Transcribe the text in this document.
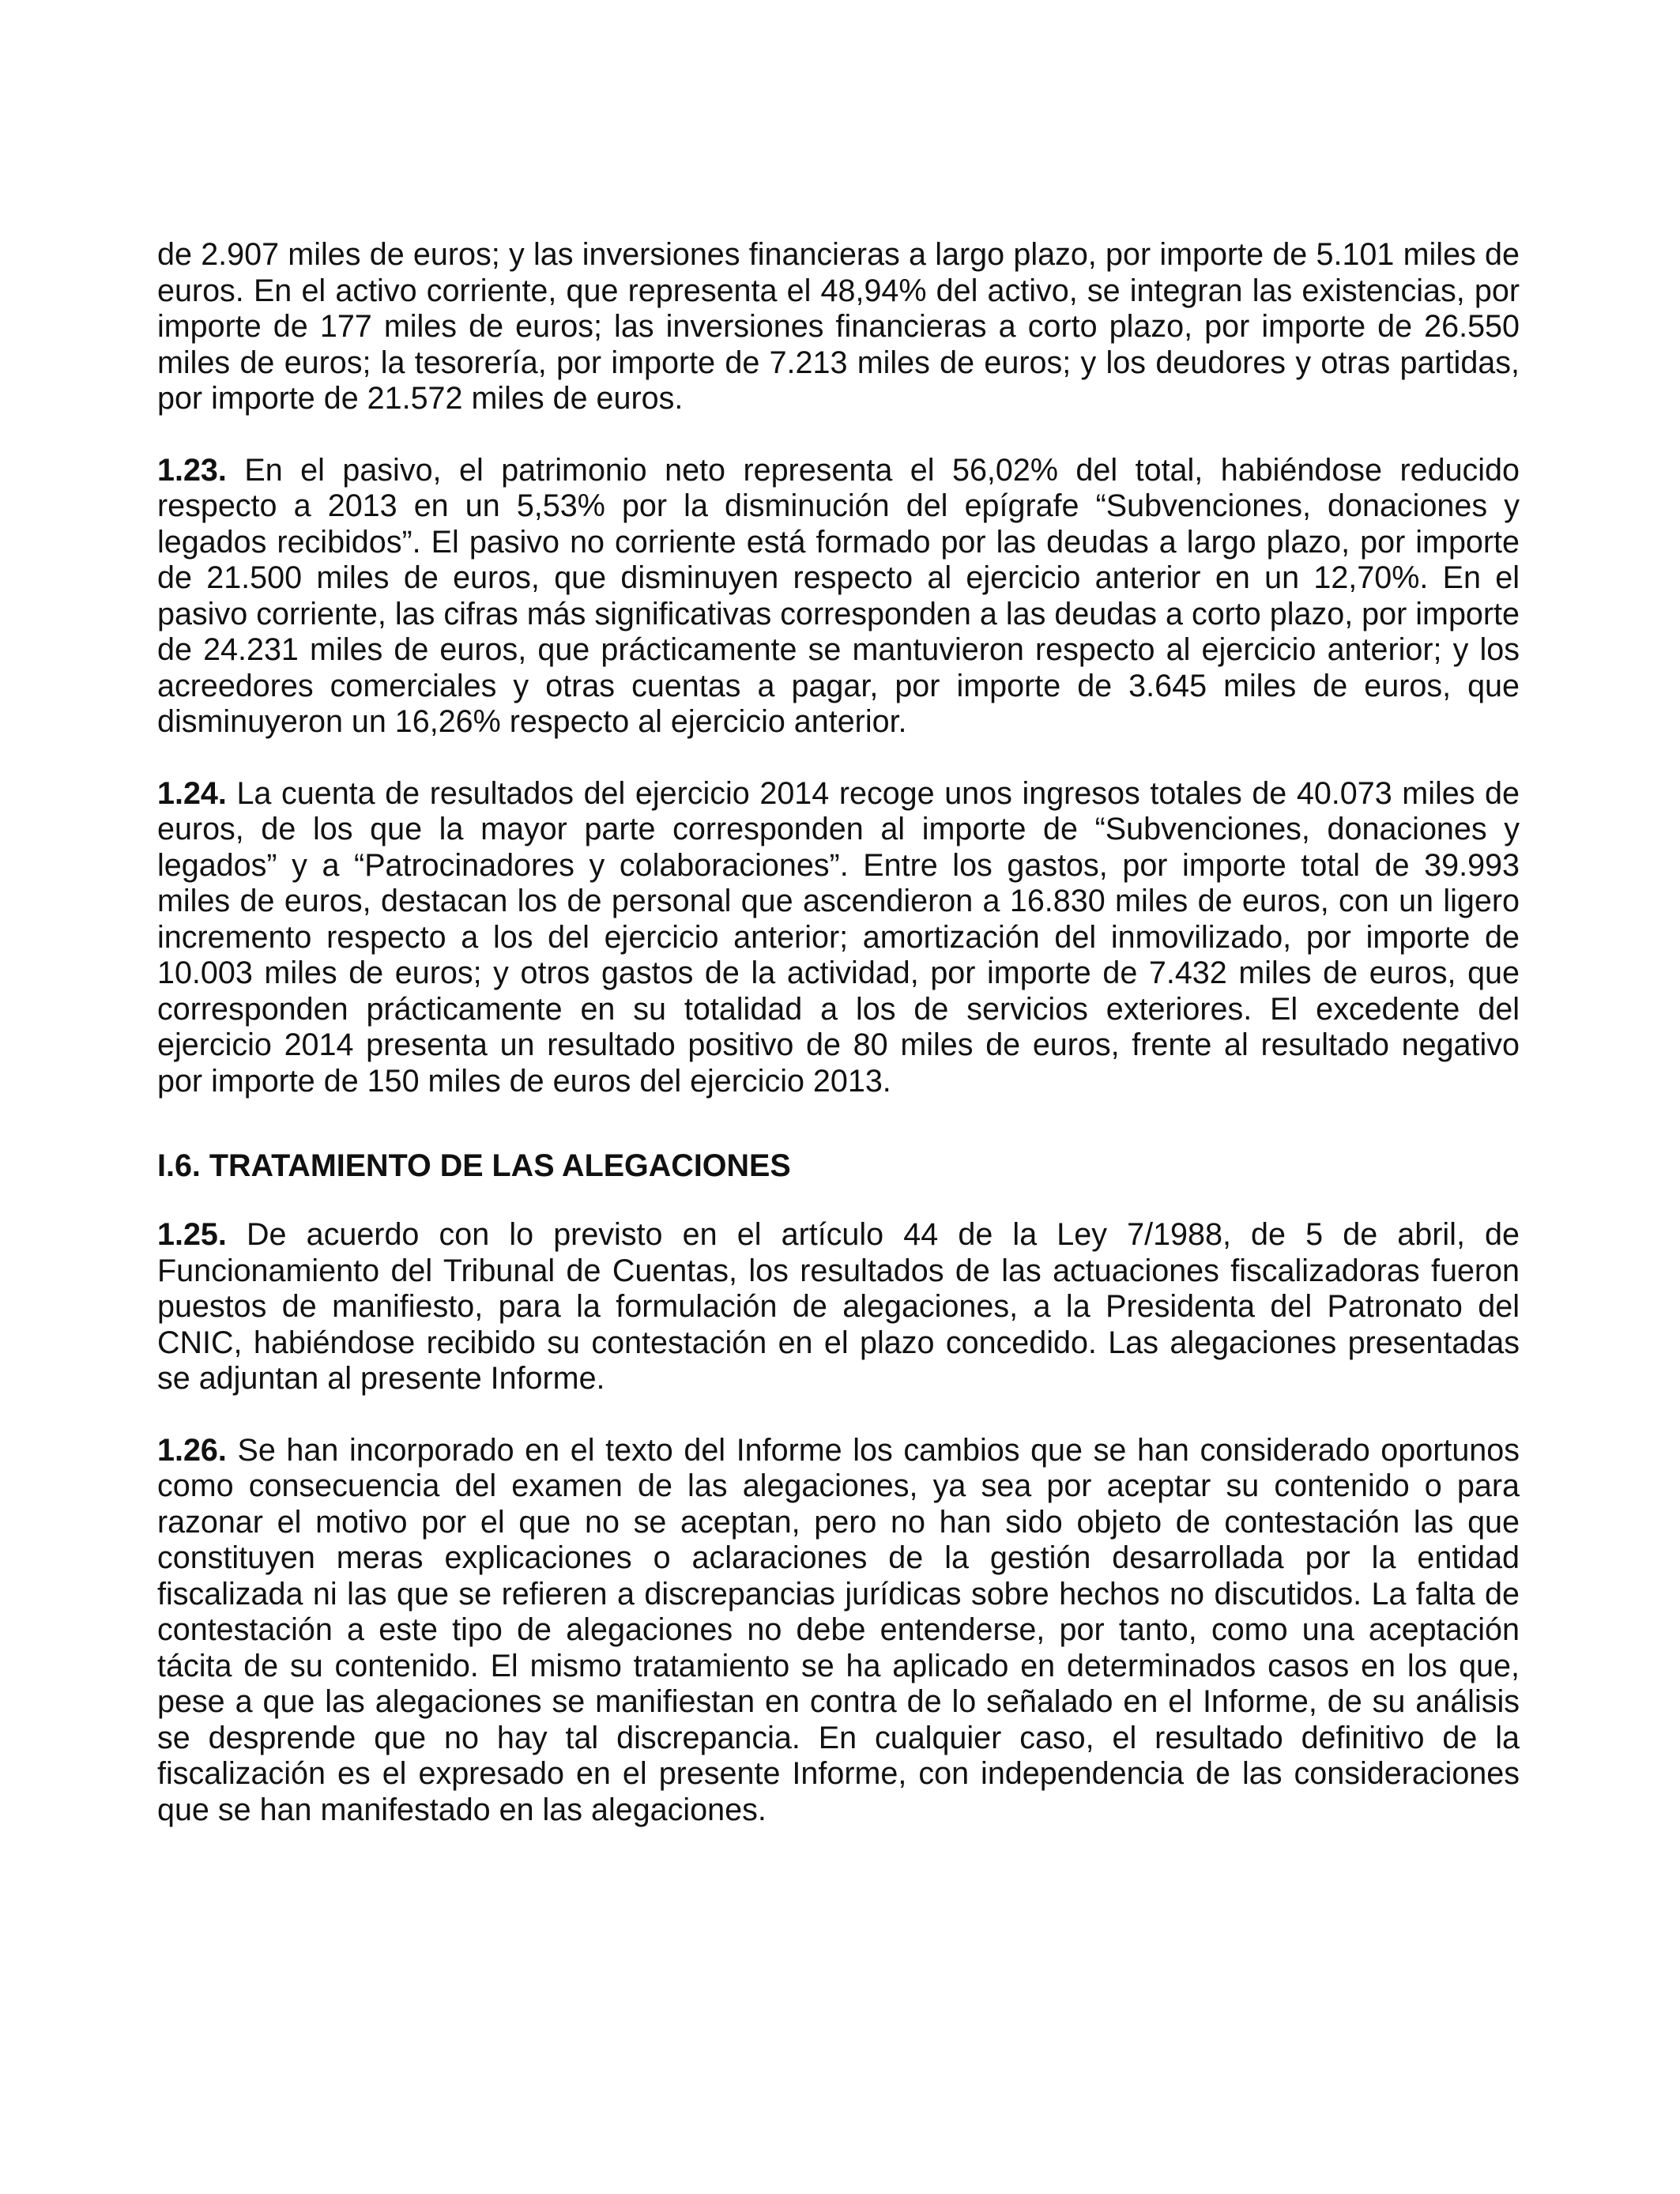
de 2.907 miles de euros; y las inversiones financieras a largo plazo, por importe de 5.101 miles de euros. En el activo corriente, que representa el 48,94% del activo, se integran las existencias, por importe de 177 miles de euros; las inversiones financieras a corto plazo, por importe de 26.550 miles de euros; la tesorería, por importe de 7.213 miles de euros; y los deudores y otras partidas, por importe de 21.572 miles de euros.

1.23. En el pasivo, el patrimonio neto representa el 56,02% del total, habiéndose reducido respecto a 2013 en un 5,53% por la disminución del epígrafe “Subvenciones, donaciones y legados recibidos”. El pasivo no corriente está formado por las deudas a largo plazo, por importe de 21.500 miles de euros, que disminuyen respecto al ejercicio anterior en un 12,70%. En el pasivo corriente, las cifras más significativas corresponden a las deudas a corto plazo, por importe de 24.231 miles de euros, que prácticamente se mantuvieron respecto al ejercicio anterior; y los acreedores comerciales y otras cuentas a pagar, por importe de 3.645 miles de euros, que disminuyeron un 16,26% respecto al ejercicio anterior.

1.24. La cuenta de resultados del ejercicio 2014 recoge unos ingresos totales de 40.073 miles de euros, de los que la mayor parte corresponden al importe de “Subvenciones, donaciones y legados” y a “Patrocinadores y colaboraciones”. Entre los gastos, por importe total de 39.993 miles de euros, destacan los de personal que ascendieron a 16.830 miles de euros, con un ligero incremento respecto a los del ejercicio anterior; amortización del inmovilizado, por importe de 10.003 miles de euros; y otros gastos de la actividad, por importe de 7.432 miles de euros, que corresponden prácticamente en su totalidad a los de servicios exteriores. El excedente del ejercicio 2014 presenta un resultado positivo de 80 miles de euros, frente al resultado negativo por importe de 150 miles de euros del ejercicio 2013.

I.6. TRATAMIENTO DE LAS ALEGACIONES

1.25. De acuerdo con lo previsto en el artículo 44 de la Ley 7/1988, de 5 de abril, de Funcionamiento del Tribunal de Cuentas, los resultados de las actuaciones fiscalizadoras fueron puestos de manifiesto, para la formulación de alegaciones, a la Presidenta del Patronato del CNIC, habiéndose recibido su contestación en el plazo concedido. Las alegaciones presentadas se adjuntan al presente Informe.

1.26. Se han incorporado en el texto del Informe los cambios que se han considerado oportunos como consecuencia del examen de las alegaciones, ya sea por aceptar su contenido o para razonar el motivo por el que no se aceptan, pero no han sido objeto de contestación las que constituyen meras explicaciones o aclaraciones de la gestión desarrollada por la entidad fiscalizada ni las que se refieren a discrepancias jurídicas sobre hechos no discutidos. La falta de contestación a este tipo de alegaciones no debe entenderse, por tanto, como una aceptación tácita de su contenido. El mismo tratamiento se ha aplicado en determinados casos en los que, pese a que las alegaciones se manifiestan en contra de lo señalado en el Informe, de su análisis se desprende que no hay tal discrepancia. En cualquier caso, el resultado definitivo de la fiscalización es el expresado en el presente Informe, con independencia de las consideraciones que se han manifestado en las alegaciones.
